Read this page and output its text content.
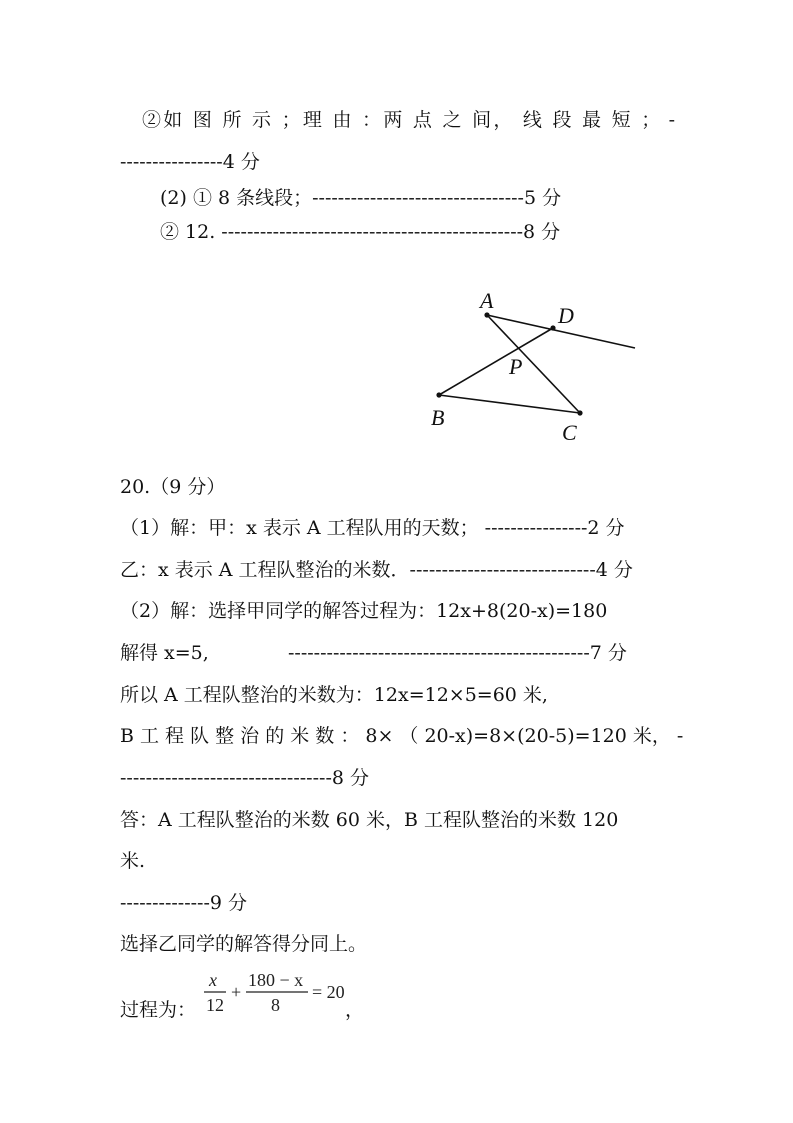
②如 图 所 示 ；理 由 ：两 点 之 间， 线 段 最 短 ； -
----------------4 分
(2) ① 8 条线段；---------------------------------5 分
② 12. -----------------------------------------------8 分
A
D
P
B
C
20.（9 分）
（1）解：甲：x 表示 A 工程队用的天数； ----------------2 分
乙：x 表示 A 工程队整治的米数．-----------------------------4 分
（2）解：选择甲同学的解答过程为：12x+8(20-x)=180
解得 x=5,	-----------------------------------------------7 分
所以 A 工程队整治的米数为：12x=12×5=60 米,
B 工 程 队 整 治 的 米 数 ： 8× （ 20-x)=8×(20-5)=120 米， -
---------------------------------8 分
答：A 工程队整治的米数 60 米，B 工程队整治的米数 120
米.
--------------9 分
选择乙同学的解答得分同上。
过程为：
x
12
+
180 − x
8
= 20
，
